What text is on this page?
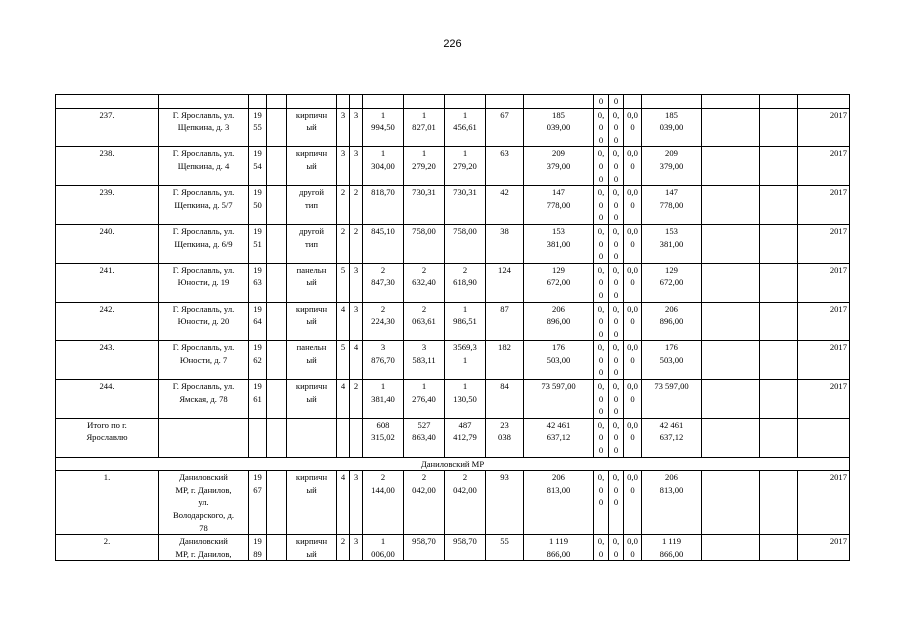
226
												0	0					
237.	Г. Ярославль, ул.
Щепкина, д. 3	19
55		кирпичн
ый	3	3	1
994,50	1
827,01	1
456,61	67	185
039,00	0,
0
0	0,
0
0	0,0
0	185
039,00			2017
238.	Г. Ярославль, ул.
Щепкина, д. 4	19
54		кирпичн
ый	3	3	1
304,00	1
279,20	1
279,20	63	209
379,00	0,
0
0	0,
0
0	0,0
0	209
379,00			2017
239.	Г. Ярославль, ул.
Щепкина, д. 5/7	19
50		другой
тип	2	2	818,70	730,31	730,31	42	147
778,00	0,
0
0	0,
0
0	0,0
0	147
778,00			2017
240.	Г. Ярославль, ул.
Щепкина, д. 6/9	19
51		другой
тип	2	2	845,10	758,00	758,00	38	153
381,00	0,
0
0	0,
0
0	0,0
0	153
381,00			2017
241.	Г. Ярославль, ул.
Юности, д. 19	19
63		панельн
ый	5	3	2
847,30	2
632,40	2
618,90	124	129
672,00	0,
0
0	0,
0
0	0,0
0	129
672,00			2017
242.	Г. Ярославль, ул.
Юности, д. 20	19
64		кирпичн
ый	4	3	2
224,30	2
063,61	1
986,51	87	206
896,00	0,
0
0	0,
0
0	0,0
0	206
896,00			2017
243.	Г. Ярославль, ул.
Юности, д. 7	19
62		панельн
ый	5	4	3
876,70	3
583,11	3569,3
1	182	176
503,00	0,
0
0	0,
0
0	0,0
0	176
503,00			2017
244.	Г. Ярославль, ул.
Ямская, д. 78	19
61		кирпичн
ый	4	2	1
381,40	1
276,40	1
130,50	84	73 597,00	0,
0
0	0,
0
0	0,0
0	73 597,00			2017
Итого по г.
Ярославлю							608
315,02	527
863,40	487
412,79	23
038	42 461
637,12	0,
0
0	0,
0
0	0,0
0	42 461
637,12			
Даниловский МР																		
1.	Даниловский
МР, г. Данилов,
ул.
Володарского, д.
78	19
67		кирпичн
ый	4	3	2
144,00	2
042,00	2
042,00	93	206
813,00	0,
0
0	0,
0
0	0,0
0	206
813,00			2017
2.	Даниловский
МР, г. Данилов,	19
89		кирпичн
ый	2	3	1
006,00	958,70	958,70	55	1 119
866,00	0,
0	0,
0	0,0
0	1 119
866,00			2017
